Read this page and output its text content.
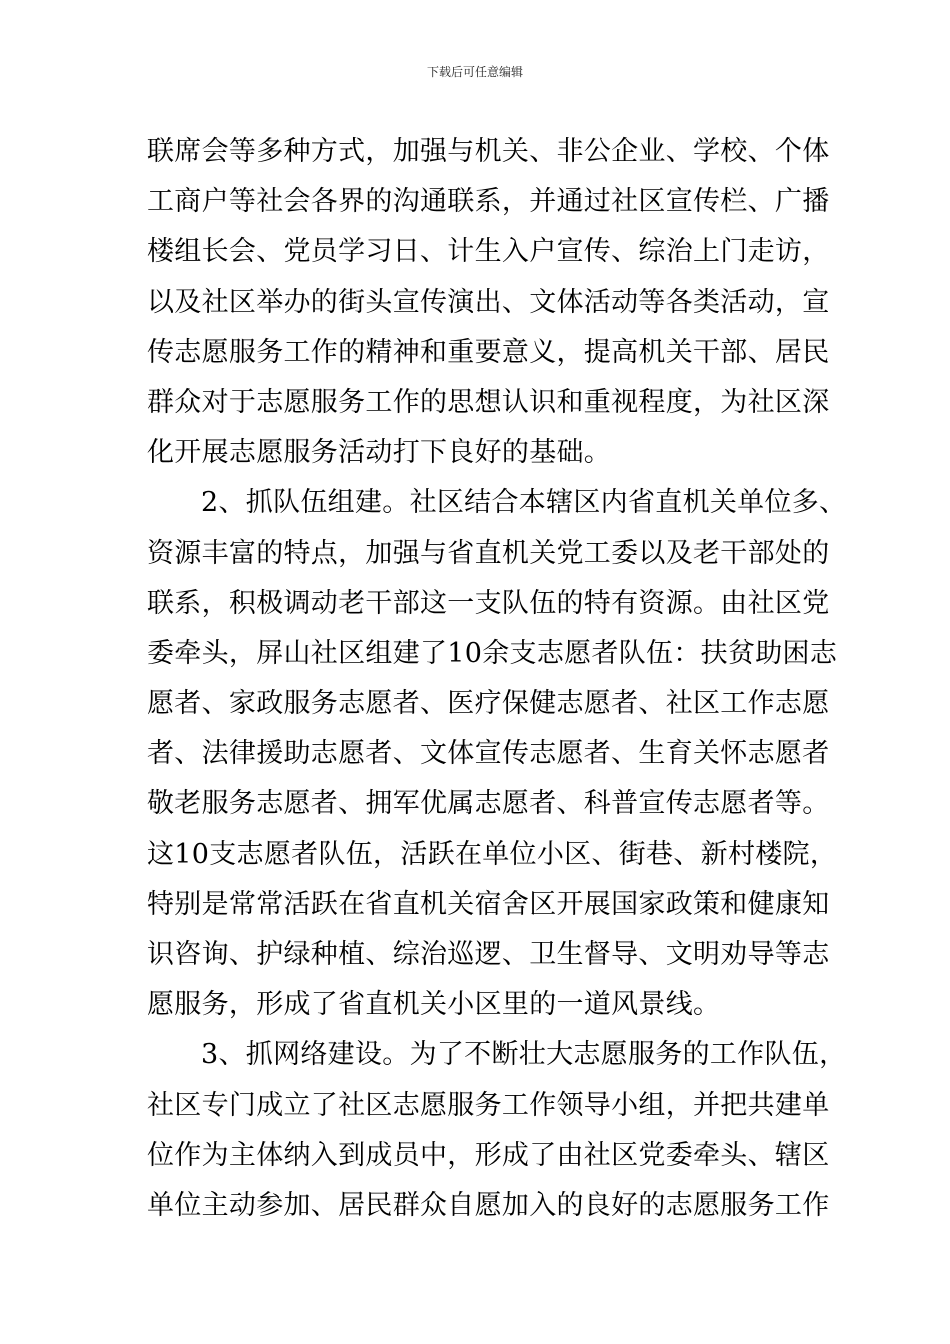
下载后可任意编辑
联席会等多种方式，加强与机关、非公企业、学校、个体
工商户等社会各界的沟通联系，并通过社区宣传栏、广播
楼组长会、党员学习日、计生入户宣传、综治上门走访，
以及社区举办的街头宣传演出、文体活动等各类活动，宣
传志愿服务工作的精神和重要意义，提高机关干部、居民
群众对于志愿服务工作的思想认识和重视程度，为社区深
化开展志愿服务活动打下良好的基础。
2、抓队伍组建。社区结合本辖区内省直机关单位多、
资源丰富的特点，加强与省直机关党工委以及老干部处的
联系，积极调动老干部这一支队伍的特有资源。由社区党
委牵头，屏山社区组建了10余支志愿者队伍：扶贫助困志
愿者、家政服务志愿者、医疗保健志愿者、社区工作志愿
者、法律援助志愿者、文体宣传志愿者、生育关怀志愿者
敬老服务志愿者、拥军优属志愿者、科普宣传志愿者等。
这10支志愿者队伍，活跃在单位小区、街巷、新村楼院，
特别是常常活跃在省直机关宿舍区开展国家政策和健康知
识咨询、护绿种植、综治巡逻、卫生督导、文明劝导等志
愿服务，形成了省直机关小区里的一道风景线。
3、抓网络建设。为了不断壮大志愿服务的工作队伍，
社区专门成立了社区志愿服务工作领导小组，并把共建单
位作为主体纳入到成员中，形成了由社区党委牵头、辖区
单位主动参加、居民群众自愿加入的良好的志愿服务工作
